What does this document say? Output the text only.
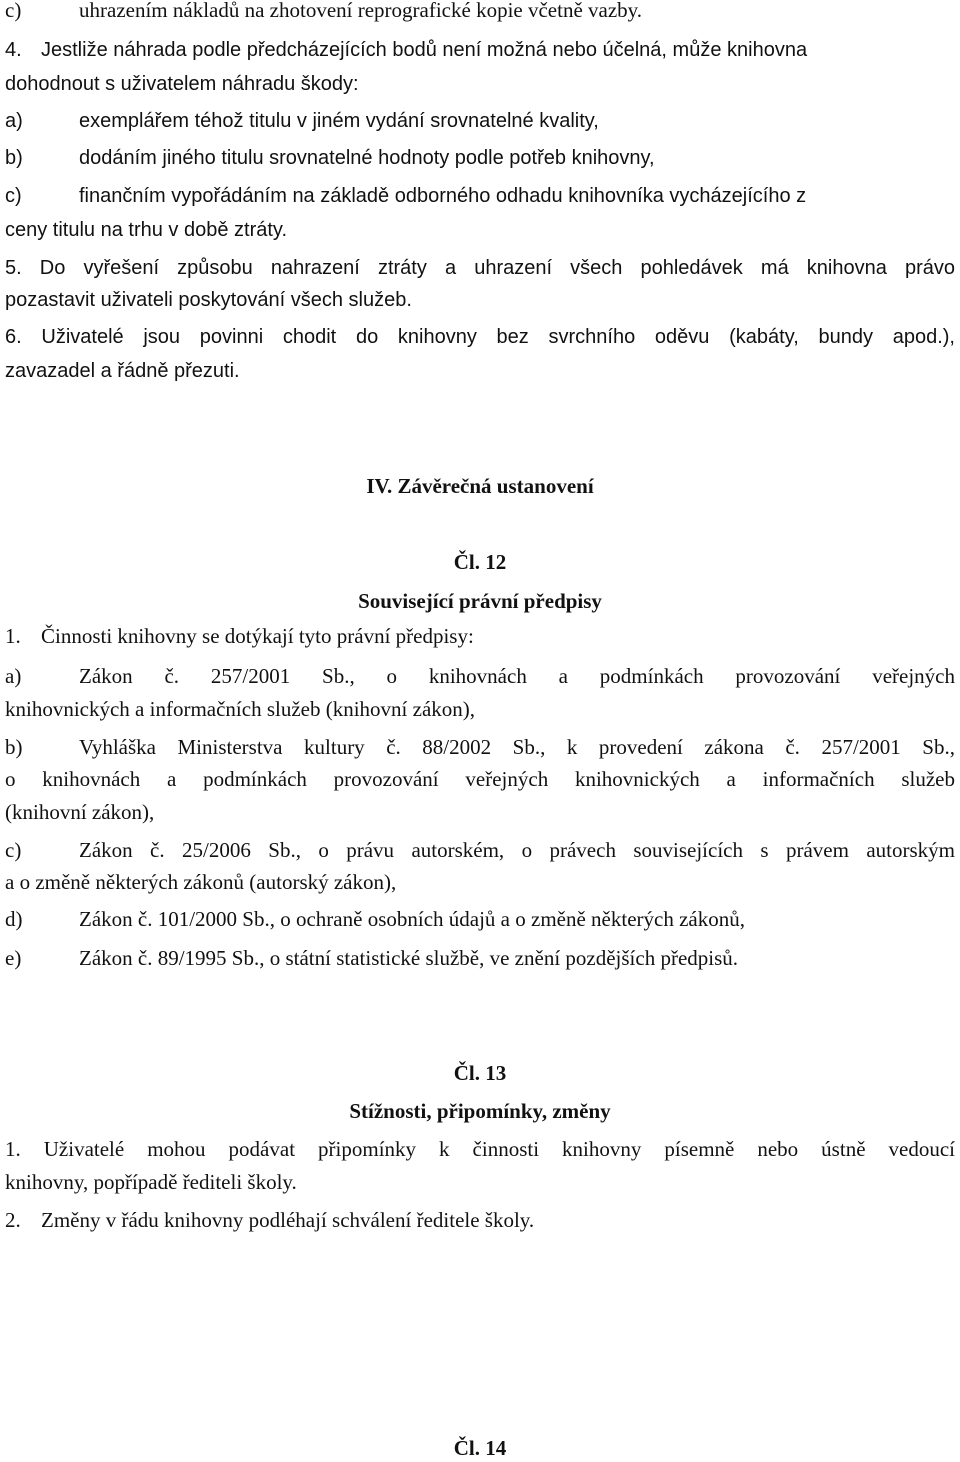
c)	uhrazením nákladů na zhotovení reprografické kopie včetně vazby.
4. Jestliže náhrada podle předcházejících bodů není možná nebo účelná, může knihovna
dohodnout s uživatelem náhradu škody:
a)	exemplářem téhož titulu v jiném vydání srovnatelné kvality,
b)	dodáním jiného titulu srovnatelné hodnoty podle potřeb knihovny,
c)	finančním vypořádáním na základě odborného odhadu knihovníka vycházejícího z
ceny titulu na trhu v době ztráty.
5. Do vyřešení způsobu nahrazení ztráty a uhrazení všech pohledávek má knihovna právo
pozastavit uživateli poskytování všech služeb.
6. Uživatelé jsou povinni chodit do knihovny bez svrchního oděvu (kabáty, bundy apod.),
zavazadel a řádně přezuti.
IV. Závěrečná ustanovení
Čl. 12
Související právní předpisy
1. Činnosti knihovny se dotýkají tyto právní předpisy:
a)	Zákon č. 257/2001 Sb., o knihovnách a podmínkách provozování veřejných
knihovnických a informačních služeb (knihovní zákon),
b)	Vyhláška Ministerstva kultury č. 88/2002 Sb., k provedení zákona č. 257/2001 Sb.,
o knihovnách a podmínkách provozování veřejných knihovnických a informačních služeb
(knihovní zákon),
c)	Zákon č. 25/2006 Sb., o právu autorském, o právech souvisejících s právem autorským
a o změně některých zákonů (autorský zákon),
d)	Zákon č. 101/2000 Sb., o ochraně osobních údajů a o změně některých zákonů,
e)	Zákon č. 89/1995 Sb., o státní statistické službě, ve znění pozdějších předpisů.
Čl. 13
Stížnosti, připomínky, změny
1. Uživatelé mohou podávat připomínky k činnosti knihovny písemně nebo ústně vedoucí
knihovny, popřípadě řediteli školy.
2. Změny v řádu knihovny podléhají schválení ředitele školy.
Čl. 14
